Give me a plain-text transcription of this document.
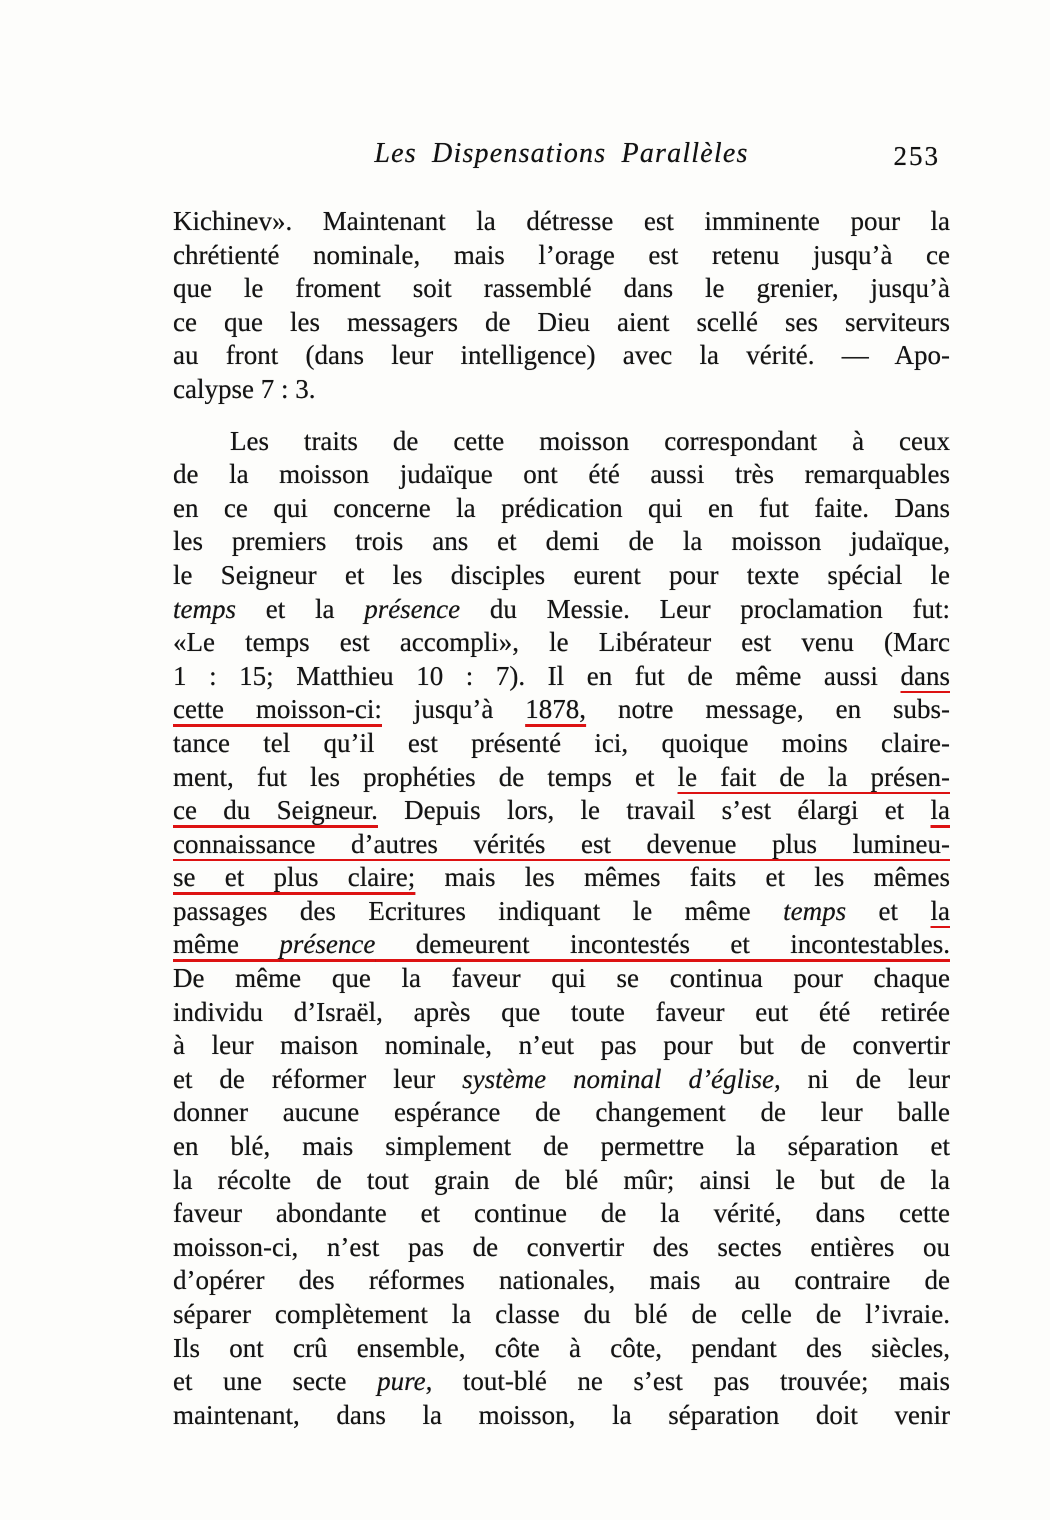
Les Dispensations Parallèles	253
Kichinev». Maintenant la détresse est imminente pour la
chrétienté nominale, mais l’orage est retenu jusqu’à ce
que le froment soit rassemblé dans le grenier, jusqu’à
ce que les messagers de Dieu aient scellé ses serviteurs
au front (dans leur intelligence) avec la vérité. — Apo-
calypse 7 : 3.
Les traits de cette moisson correspondant à ceux
de la moisson judaïque ont été aussi très remarquables
en ce qui concerne la prédication qui en fut faite. Dans
les premiers trois ans et demi de la moisson judaïque,
le Seigneur et les disciples eurent pour texte spécial le
temps et la présence du Messie. Leur proclamation fut:
«Le temps est accompli», le Libérateur est venu (Marc
1 : 15; Matthieu 10 : 7). Il en fut de même aussi dans
cette moisson-ci: jusqu’à 1878, notre message, en subs-
tance tel qu’il est présenté ici, quoique moins claire-
ment, fut les prophéties de temps et le fait de la présen-
ce du Seigneur. Depuis lors, le travail s’est élargi et la
connaissance d’autres vérités est devenue plus lumineu-
se et plus claire; mais les mêmes faits et les mêmes
passages des Ecritures indiquant le même temps et la
même présence demeurent incontestés et incontestables.
De même que la faveur qui se continua pour chaque
individu d’Israël, après que toute faveur eut été retirée
à leur maison nominale, n’eut pas pour but de convertir
et de réformer leur système nominal d’église, ni de leur
donner aucune espérance de changement de leur balle
en blé, mais simplement de permettre la séparation et
la récolte de tout grain de blé mûr; ainsi le but de la
faveur abondante et continue de la vérité, dans cette
moisson-ci, n’est pas de convertir des sectes entières ou
d’opérer des réformes nationales, mais au contraire de
séparer complètement la classe du blé de celle de l’ivraie.
Ils ont crû ensemble, côte à côte, pendant des siècles,
et une secte pure, tout-blé ne s’est pas trouvée; mais
maintenant, dans la moisson, la séparation doit venir
